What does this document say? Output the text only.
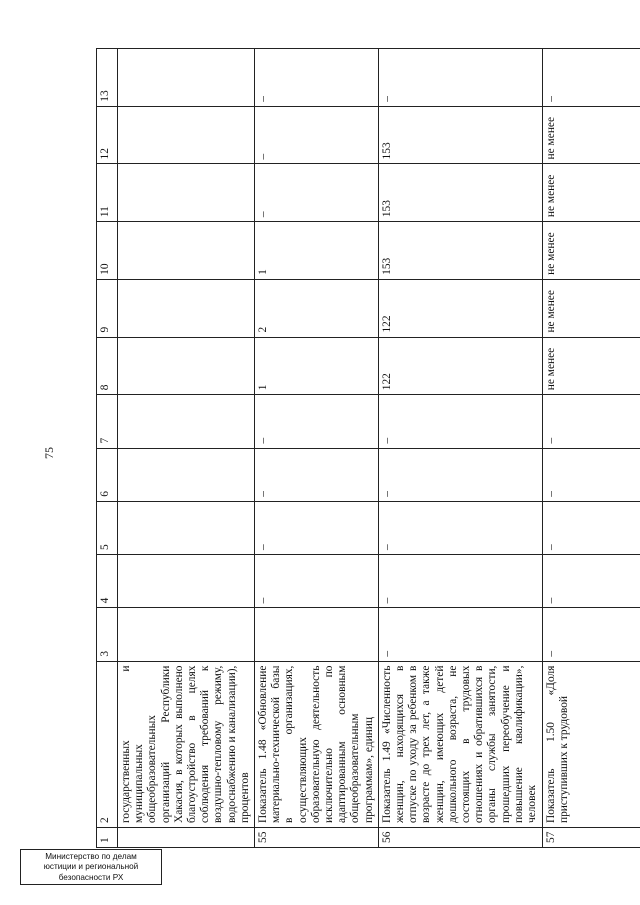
75
1	2	3	4	5	6	7	8	9	10	11	12	13
	государственных и муниципальных общеобразовательных организаций Республики Хакасия, в которых выполнено благоустройство в целях соблюдения требований к воздушно-тепловому режиму, водоснабжению и канализации), процентов											
55	Показатель 1.48 «Обновление материально-технической базы в организациях, осуществляющих образовательную деятельность исключительно по адаптированным основным общеобразовательным программам», единиц		–	–	–	–	1	2	1	–	–	–
56	Показатель 1.49 «Численность женщин, находящихся в отпуске по уходу за ребенком в возрасте до трех лет, а также женщин, имеющих детей дошкольного возраста, не состоящих в трудовых отношениях и обратившихся в органы службы занятости, прошедших переобучение и повышение квалификации», человек	–	–	–	–	–	122	122	153	153	153	–
57	Показатель 1.50 «Доля приступивших к трудовой	–	–	–	–	–	не менее	не менее	не менее	не менее	не менее	–
Министерство по делам
юстиции и региональной
безопасности РХ
